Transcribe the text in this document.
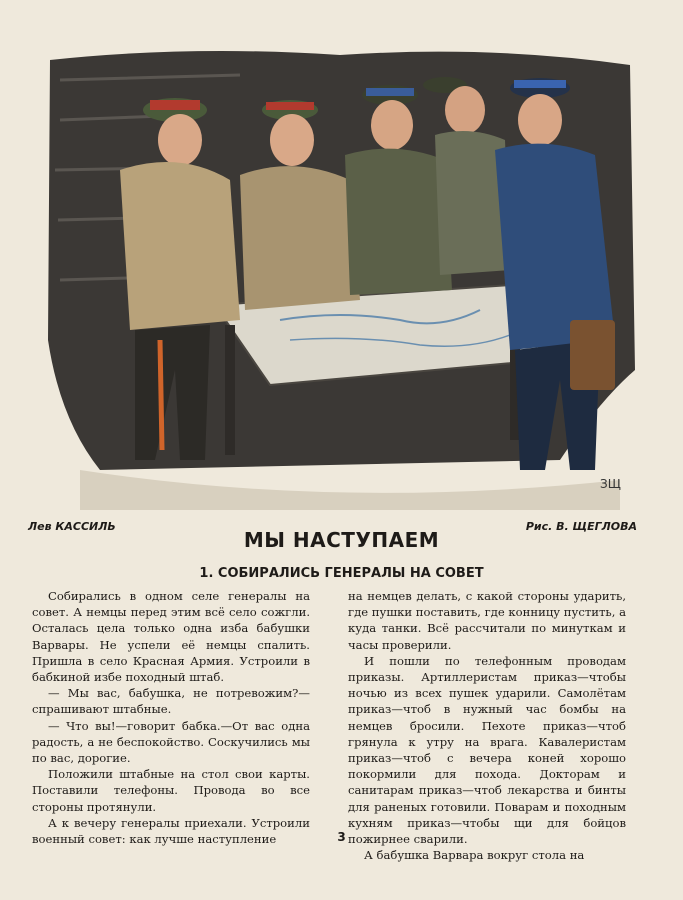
ЗЩ
Лев КАССИЛЬ	Рис. В. ЩЕГЛОВА
МЫ НАСТУПАЕМ
1. СОБИРАЛИСЬ ГЕНЕРАЛЫ НА СОВЕТ

Собирались в одном селе генералы на совет. А немцы перед этим всё село сожгли. Осталась цела только одна изба бабушки Варвары. Не успели её немцы спалить. Пришла в село Красная Армия. Устроили в бабкиной избе походный штаб.

— Мы вас, бабушка, не потревожим?— спрашивают штабные.

— Что вы!—говорит бабка.—От вас одна радость, а не беспокойство. Соскучились мы по вас, дорогие.

Положили штабные на стол свои карты. Поставили телефоны. Провода во все стороны протянули.

А к вечеру генералы приехали. Устроили военный совет: как лучше наступление

на немцев делать, с какой стороны ударить, где пушки поставить, где конницу пустить, а куда танки. Всё рассчитали по минуткам и часы проверили.

И пошли по телефонным проводам приказы. Артиллеристам приказ—чтобы ночью из всех пушек ударили. Самолётам приказ—чтоб в нужный час бомбы на немцев бросили. Пехоте приказ—чтоб грянула к утру на врага. Кавалеристам приказ—чтоб с вечера коней хорошо покормили для похода. Докторам и санитарам приказ—чтоб лекарства и бинты для раненых готовили. Поварам и походным кухням приказ—чтобы щи для бойцов пожирнее сварили.

А бабушка Варвара вокруг стола на

3
